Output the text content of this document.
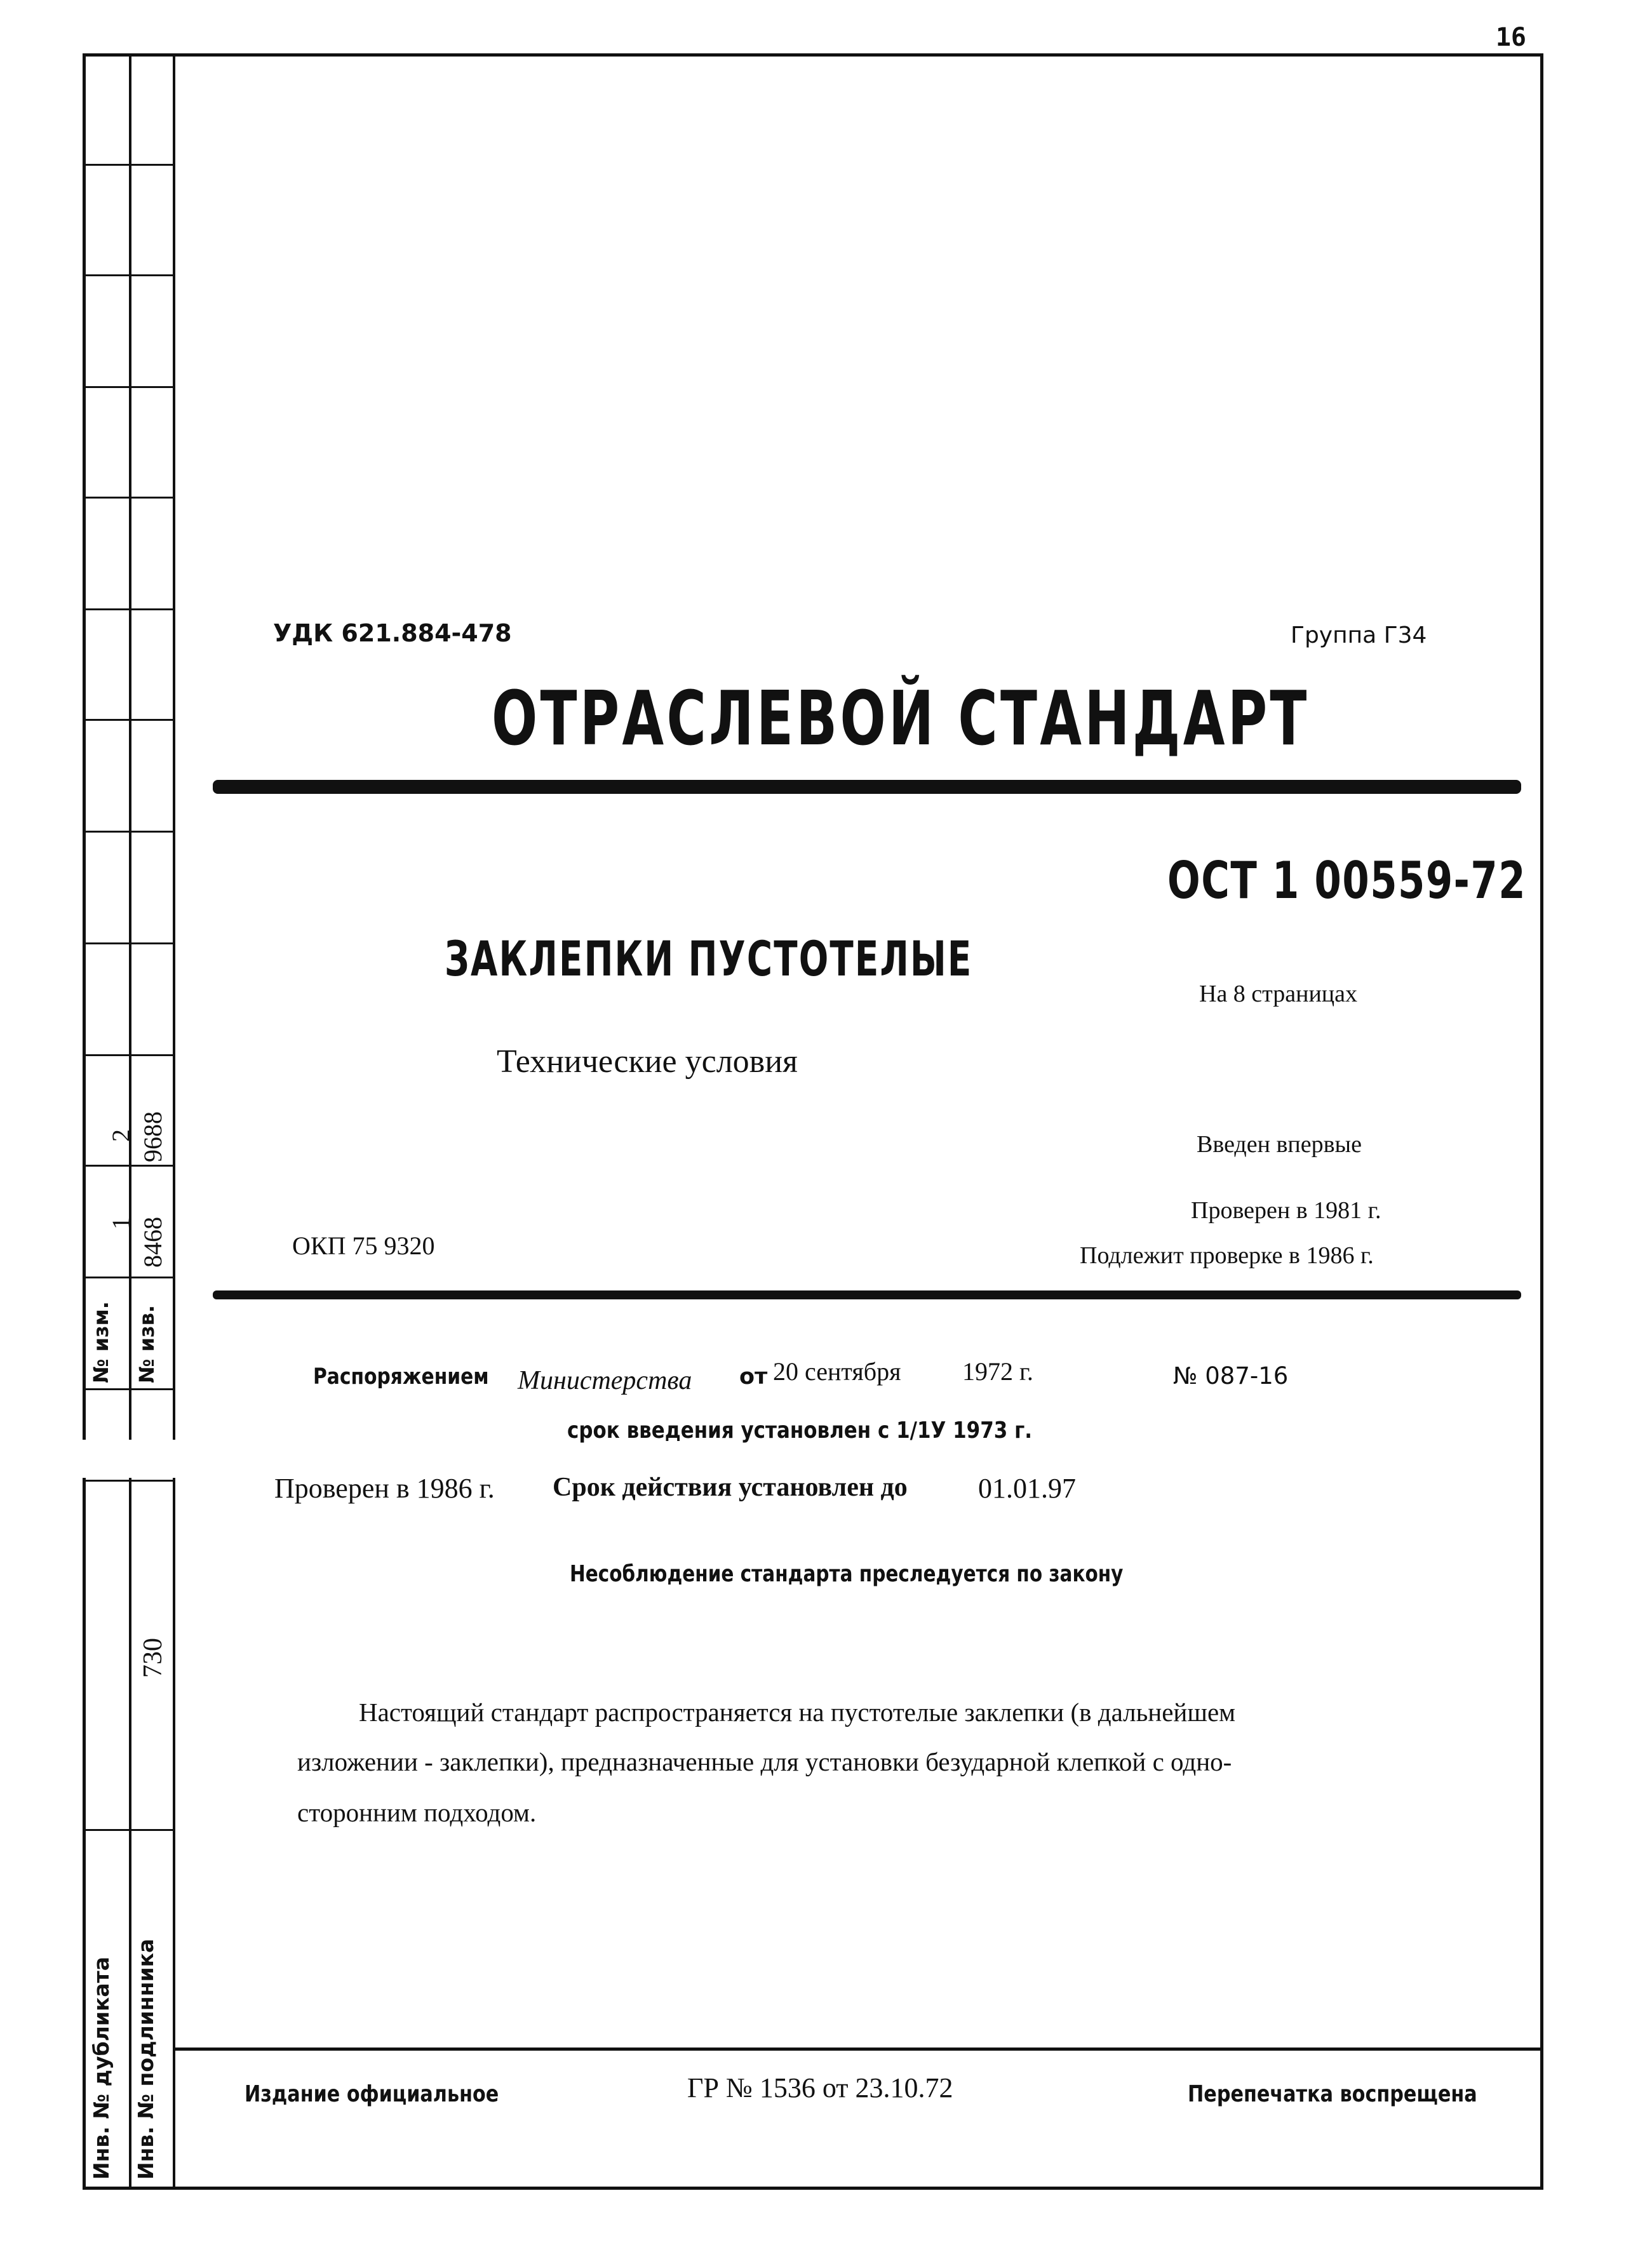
16
2 9688
1 8468
№ изм. № изв.
730
Инв. № дубликата Инв. № подлинника
УДК 621.884-478	Группа Г34
ОТРАСЛЕВОЙ СТАНДАРТ
ОСТ 1 00559-72
ЗАКЛЕПКИ ПУСТОТЕЛЫЕ
На 8 страницах
Технические условия
Введен впервые
Проверен в 1981 г.
ОКП 75 9320	Подлежит проверке в 1986 г.
Распоряжением Министерства от 20 сентября 1972 г.	№ 087-16
срок введения установлен с 1/1У 1973 г.
Проверен в 1986 г. Срок действия установлен до	01.01.97
Несоблюдение стандарта преследуется по закону
Настоящий стандарт распространяется на пустотелые заклепки (в дальнейшем
изложении - заклепки), предназначенные для установки безударной клепкой с одно-
сторонним подходом.
Издание официальное	ГР № 1536 от 23.10.72	Перепечатка воспрещена
